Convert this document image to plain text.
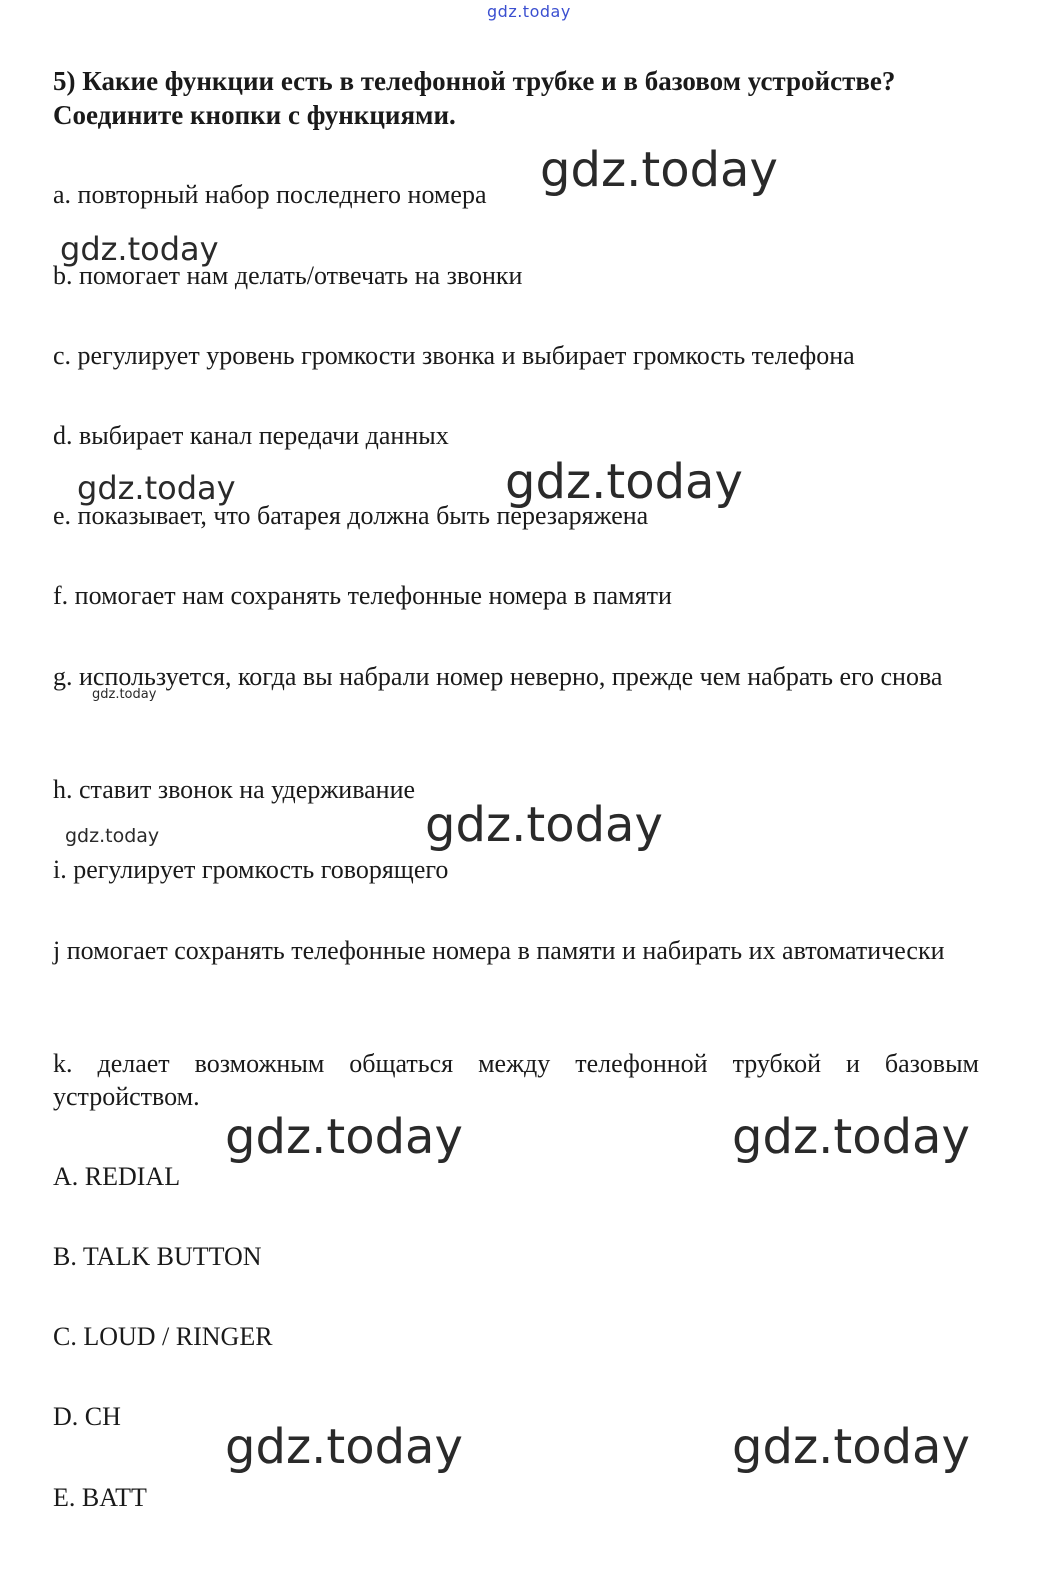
gdz.today
5) Какие функции есть в телефонной трубке и в базовом устройстве?
Соедините кнопки с функциями.
a. повторный набор последнего номера
b. помогает нам делать/отвечать на звонки
c. регулирует уровень громкости звонка и выбирает громкость телефона
d. выбирает канал передачи данных
e. показывает, что батарея должна быть перезаряжена
f. помогает нам сохранять телефонные номера в памяти
g. используется, когда вы набрали номер неверно, прежде чем набрать его снова
h. ставит звонок на удерживание
i. регулирует громкость говорящего
j помогает сохранять телефонные номера в памяти и набирать их автоматически
k. делает возможным общаться между телефонной трубкой и базовым устройством.
A. REDIAL
B. TALK BUTTON
C. LOUD / RINGER
D. CH
E. BATT
gdz.today
gdz.today
gdz.today
gdz.today
gdz.today
gdz.today
gdz.today
gdz.today	gdz.today
gdz.today	gdz.today
